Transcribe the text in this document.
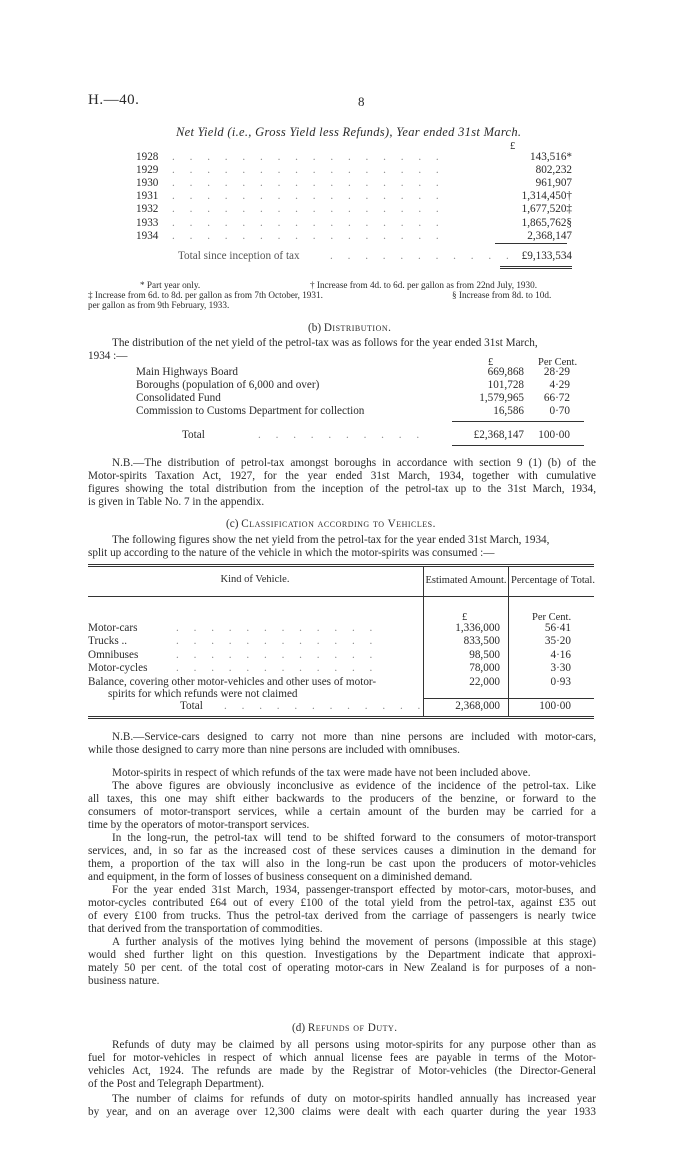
H.—40.	8
Net Yield (i.e., Gross Yield less Refunds), Year ended 31st March.
£
1928 . . . . . . . . . . . . . . . .	143,516*
1929 . . . . . . . . . . . . . . . .	802,232
1930 . . . . . . . . . . . . . . . .	961,907
1931 . . . . . . . . . . . . . . . .	1,314,450†
1932 . . . . . . . . . . . . . . . .	1,677,520‡
1933 . . . . . . . . . . . . . . . .	1,865,762§
1934 . . . . . . . . . . . . . . . .	2,368,147
Total since inception of tax	. . . . . . . . . . . .
£9,133,534
* Part year only.	† Increase from 4d. to 6d. per gallon as from 22nd July, 1930.
‡ Increase from 6d. to 8d. per gallon as from 7th October, 1931.	§ Increase from 8d. to 10d.
per gallon as from 9th February, 1933.
(b) Distribution.
The distribution of the net yield of the petrol-tax was as follows for the year ended 31st March,
1934 :—
£	Per Cent.
Main Highways Board	669,868	28·29
Boroughs (population of 6,000 and over)	101,728	4·29
Consolidated Fund	1,579,965	66·72
Commission to Customs Department for collection	16,586	0·70
Total	. . . . . . . . . .	£2,368,147	100·00
N.B.—The distribution of petrol-tax amongst boroughs in accordance with section 9 (1) (b) of the
Motor-spirits Taxation Act, 1927, for the year ended 31st March, 1934, together with cumulative
figures showing the total distribution from the inception of the petrol-tax up to the 31st March, 1934,
is given in Table No. 7 in the appendix.
(c) Classification according to Vehicles.
The following figures show the net yield from the petrol-tax for the year ended 31st March, 1934,
split up according to the nature of the vehicle in which the motor-spirits was consumed :—
Kind of Vehicle.	Estimated Amount. Percentage of Total.
£	Per Cent.
Motor-cars	. . . . . . . . . . . .	1,336,000	56·41
Trucks ..	. . . . . . . . . . . .	833,500	35·20
Omnibuses	. . . . . . . . . . . .	98,500	4·16
Motor-cycles	. . . . . . . . . . . .	78,000	3·30
Balance, covering other motor-vehicles and other uses of motor-
spirits for which refunds were not claimed
22,000	0·93
Total . . . . . . . . . . . .	2,368,000	100·00
N.B.—Service-cars designed to carry not more than nine persons are included with motor-cars,
while those designed to carry more than nine persons are included with omnibuses.
Motor-spirits in respect of which refunds of the tax were made have not been included above.
The above figures are obviously inconclusive as evidence of the incidence of the petrol-tax. Like
all taxes, this one may shift either backwards to the producers of the benzine, or forward to the
consumers of motor-transport services, while a certain amount of the burden may be carried for a
time by the operators of motor-transport services.
In the long-run, the petrol-tax will tend to be shifted forward to the consumers of motor-transport
services, and, in so far as the increased cost of these services causes a diminution in the demand for
them, a proportion of the tax will also in the long-run be cast upon the producers of motor-vehicles
and equipment, in the form of losses of business consequent on a diminished demand.
For the year ended 31st March, 1934, passenger-transport effected by motor-cars, motor-buses, and
motor-cycles contributed £64 out of every £100 of the total yield from the petrol-tax, against £35 out
of every £100 from trucks. Thus the petrol-tax derived from the carriage of passengers is nearly twice
that derived from the transportation of commodities.
A further analysis of the motives lying behind the movement of persons (impossible at this stage)
would shed further light on this question. Investigations by the Department indicate that approxi-
mately 50 per cent. of the total cost of operating motor-cars in New Zealand is for purposes of a non-
business nature.
(d) Refunds of Duty.
Refunds of duty may be claimed by all persons using motor-spirits for any purpose other than as
fuel for motor-vehicles in respect of which annual license fees are payable in terms of the Motor-
vehicles Act, 1924. The refunds are made by the Registrar of Motor-vehicles (the Director-General
of the Post and Telegraph Department).
The number of claims for refunds of duty on motor-spirits handled annually has increased year
by year, and on an average over 12,300 claims were dealt with each quarter during the year 1933
